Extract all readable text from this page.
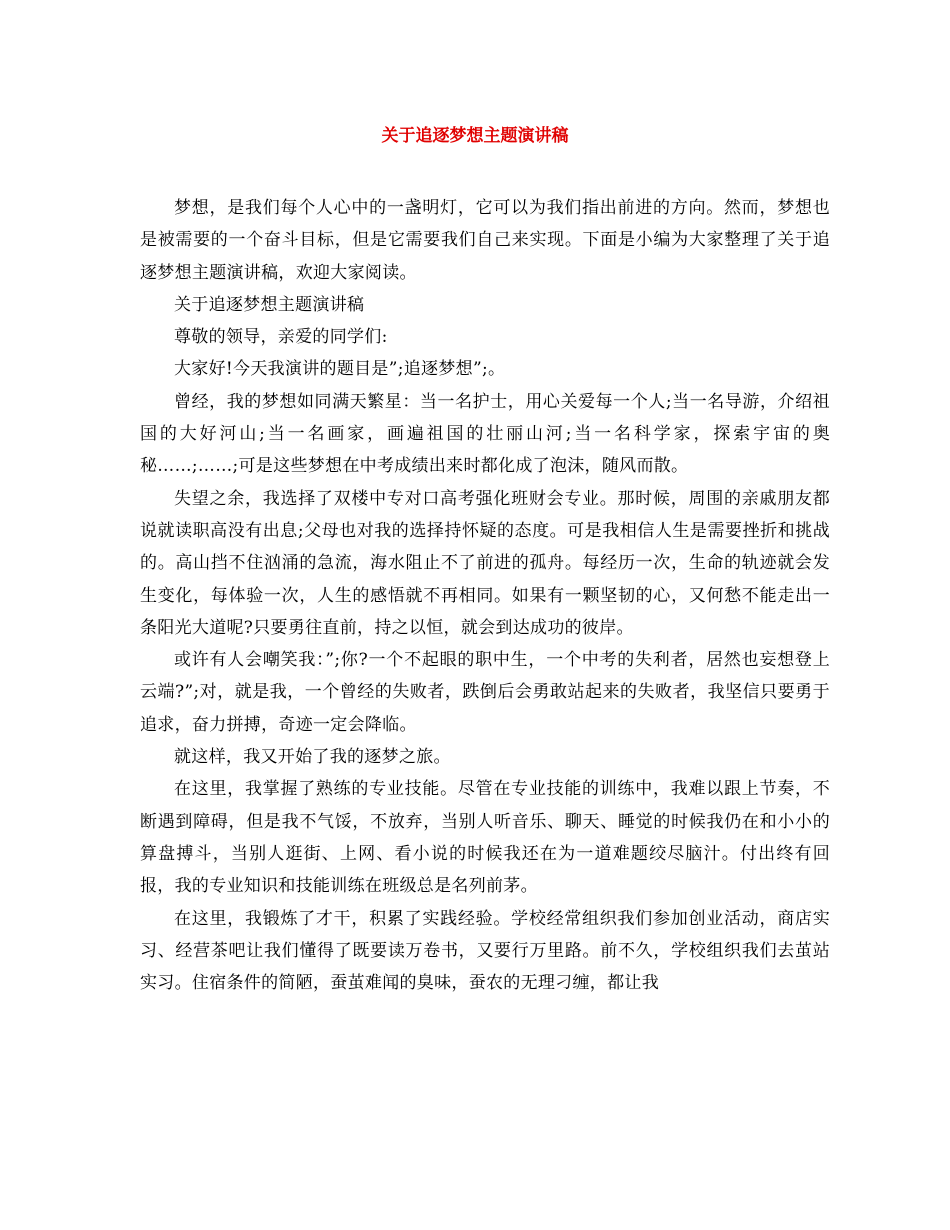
关于追逐梦想主题演讲稿

梦想，是我们每个人心中的一盏明灯，它可以为我们指出前进的方向。然而，梦想也是被需要的一个奋斗目标，但是它需要我们自己来实现。下面是小编为大家整理了关于追逐梦想主题演讲稿，欢迎大家阅读。

关于追逐梦想主题演讲稿

尊敬的领导，亲爱的同学们:

大家好!今天我演讲的题目是”;追逐梦想”;。

曾经，我的梦想如同满天繁星：当一名护士，用心关爱每一个人;当一名导游，介绍祖国的大好河山;当一名画家，画遍祖国的壮丽山河;当一名科学家，探索宇宙的奥秘……;……;可是这些梦想在中考成绩出来时都化成了泡沫，随风而散。

失望之余，我选择了双楼中专对口高考强化班财会专业。那时候，周围的亲戚朋友都说就读职高没有出息;父母也对我的选择持怀疑的态度。可是我相信人生是需要挫折和挑战的。高山挡不住汹涌的急流，海水阻止不了前进的孤舟。每经历一次，生命的轨迹就会发生变化，每体验一次，人生的感悟就不再相同。如果有一颗坚韧的心，又何愁不能走出一条阳光大道呢?只要勇往直前，持之以恒，就会到达成功的彼岸。

或许有人会嘲笑我：”;你?一个不起眼的职中生，一个中考的失利者，居然也妄想登上云端?”;对，就是我，一个曾经的失败者，跌倒后会勇敢站起来的失败者，我坚信只要勇于追求，奋力拼搏，奇迹一定会降临。

就这样，我又开始了我的逐梦之旅。

在这里，我掌握了熟练的专业技能。尽管在专业技能的训练中，我难以跟上节奏，不断遇到障碍，但是我不气馁，不放弃，当别人听音乐、聊天、睡觉的时候我仍在和小小的算盘搏斗，当别人逛街、上网、看小说的时候我还在为一道难题绞尽脑汁。付出终有回报，我的专业知识和技能训练在班级总是名列前茅。

在这里，我锻炼了才干，积累了实践经验。学校经常组织我们参加创业活动，商店实习、经营茶吧让我们懂得了既要读万卷书，又要行万里路。前不久，学校组织我们去茧站实习。住宿条件的简陋，蚕茧难闻的臭味，蚕农的无理刁缠，都让我
